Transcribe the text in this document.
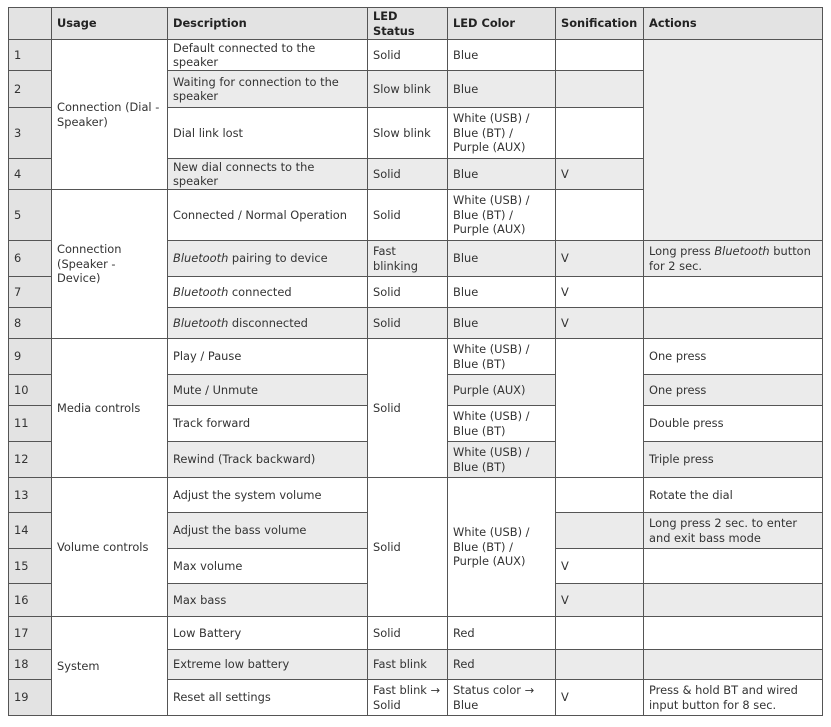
	Usage	Description	LED Status	LED Color	Sonification	Actions
1	Connection (Dial - Speaker)	Default connected to the speaker	Solid	Blue		
2		Waiting for connection to the speaker	Slow blink	Blue		
3		Dial link lost	Slow blink	White (USB) / Blue (BT) / Purple (AUX)		
4		New dial connects to the speaker	Solid	Blue	V	
5	Connection (Speaker - Device)	Connected / Normal Operation	Solid	White (USB) / Blue (BT) / Purple (AUX)		
6		Bluetooth pairing to device	Fast blinking	Blue	V	Long press Bluetooth button for 2 sec.
7		Bluetooth connected	Solid	Blue	V	
8		Bluetooth disconnected	Solid	Blue	V	
9	Media controls	Play / Pause	Solid	White (USB) / Blue (BT)		One press
10		Mute / Unmute		Purple (AUX)		One press
11		Track forward		White (USB) / Blue (BT)		Double press
12		Rewind (Track backward)		White (USB) / Blue (BT)		Triple press
13	Volume controls	Adjust the system volume	Solid	White (USB) / Blue (BT) / Purple (AUX)		Rotate the dial
14		Adjust the bass volume				Long press 2 sec. to enter and exit bass mode
15		Max volume			V	
16		Max bass			V	
17	System	Low Battery	Solid	Red		
18		Extreme low battery	Fast blink	Red		
19		Reset all settings	Fast blink → Solid	Status color → Blue	V	Press & hold BT and wired input button for 8 sec.
